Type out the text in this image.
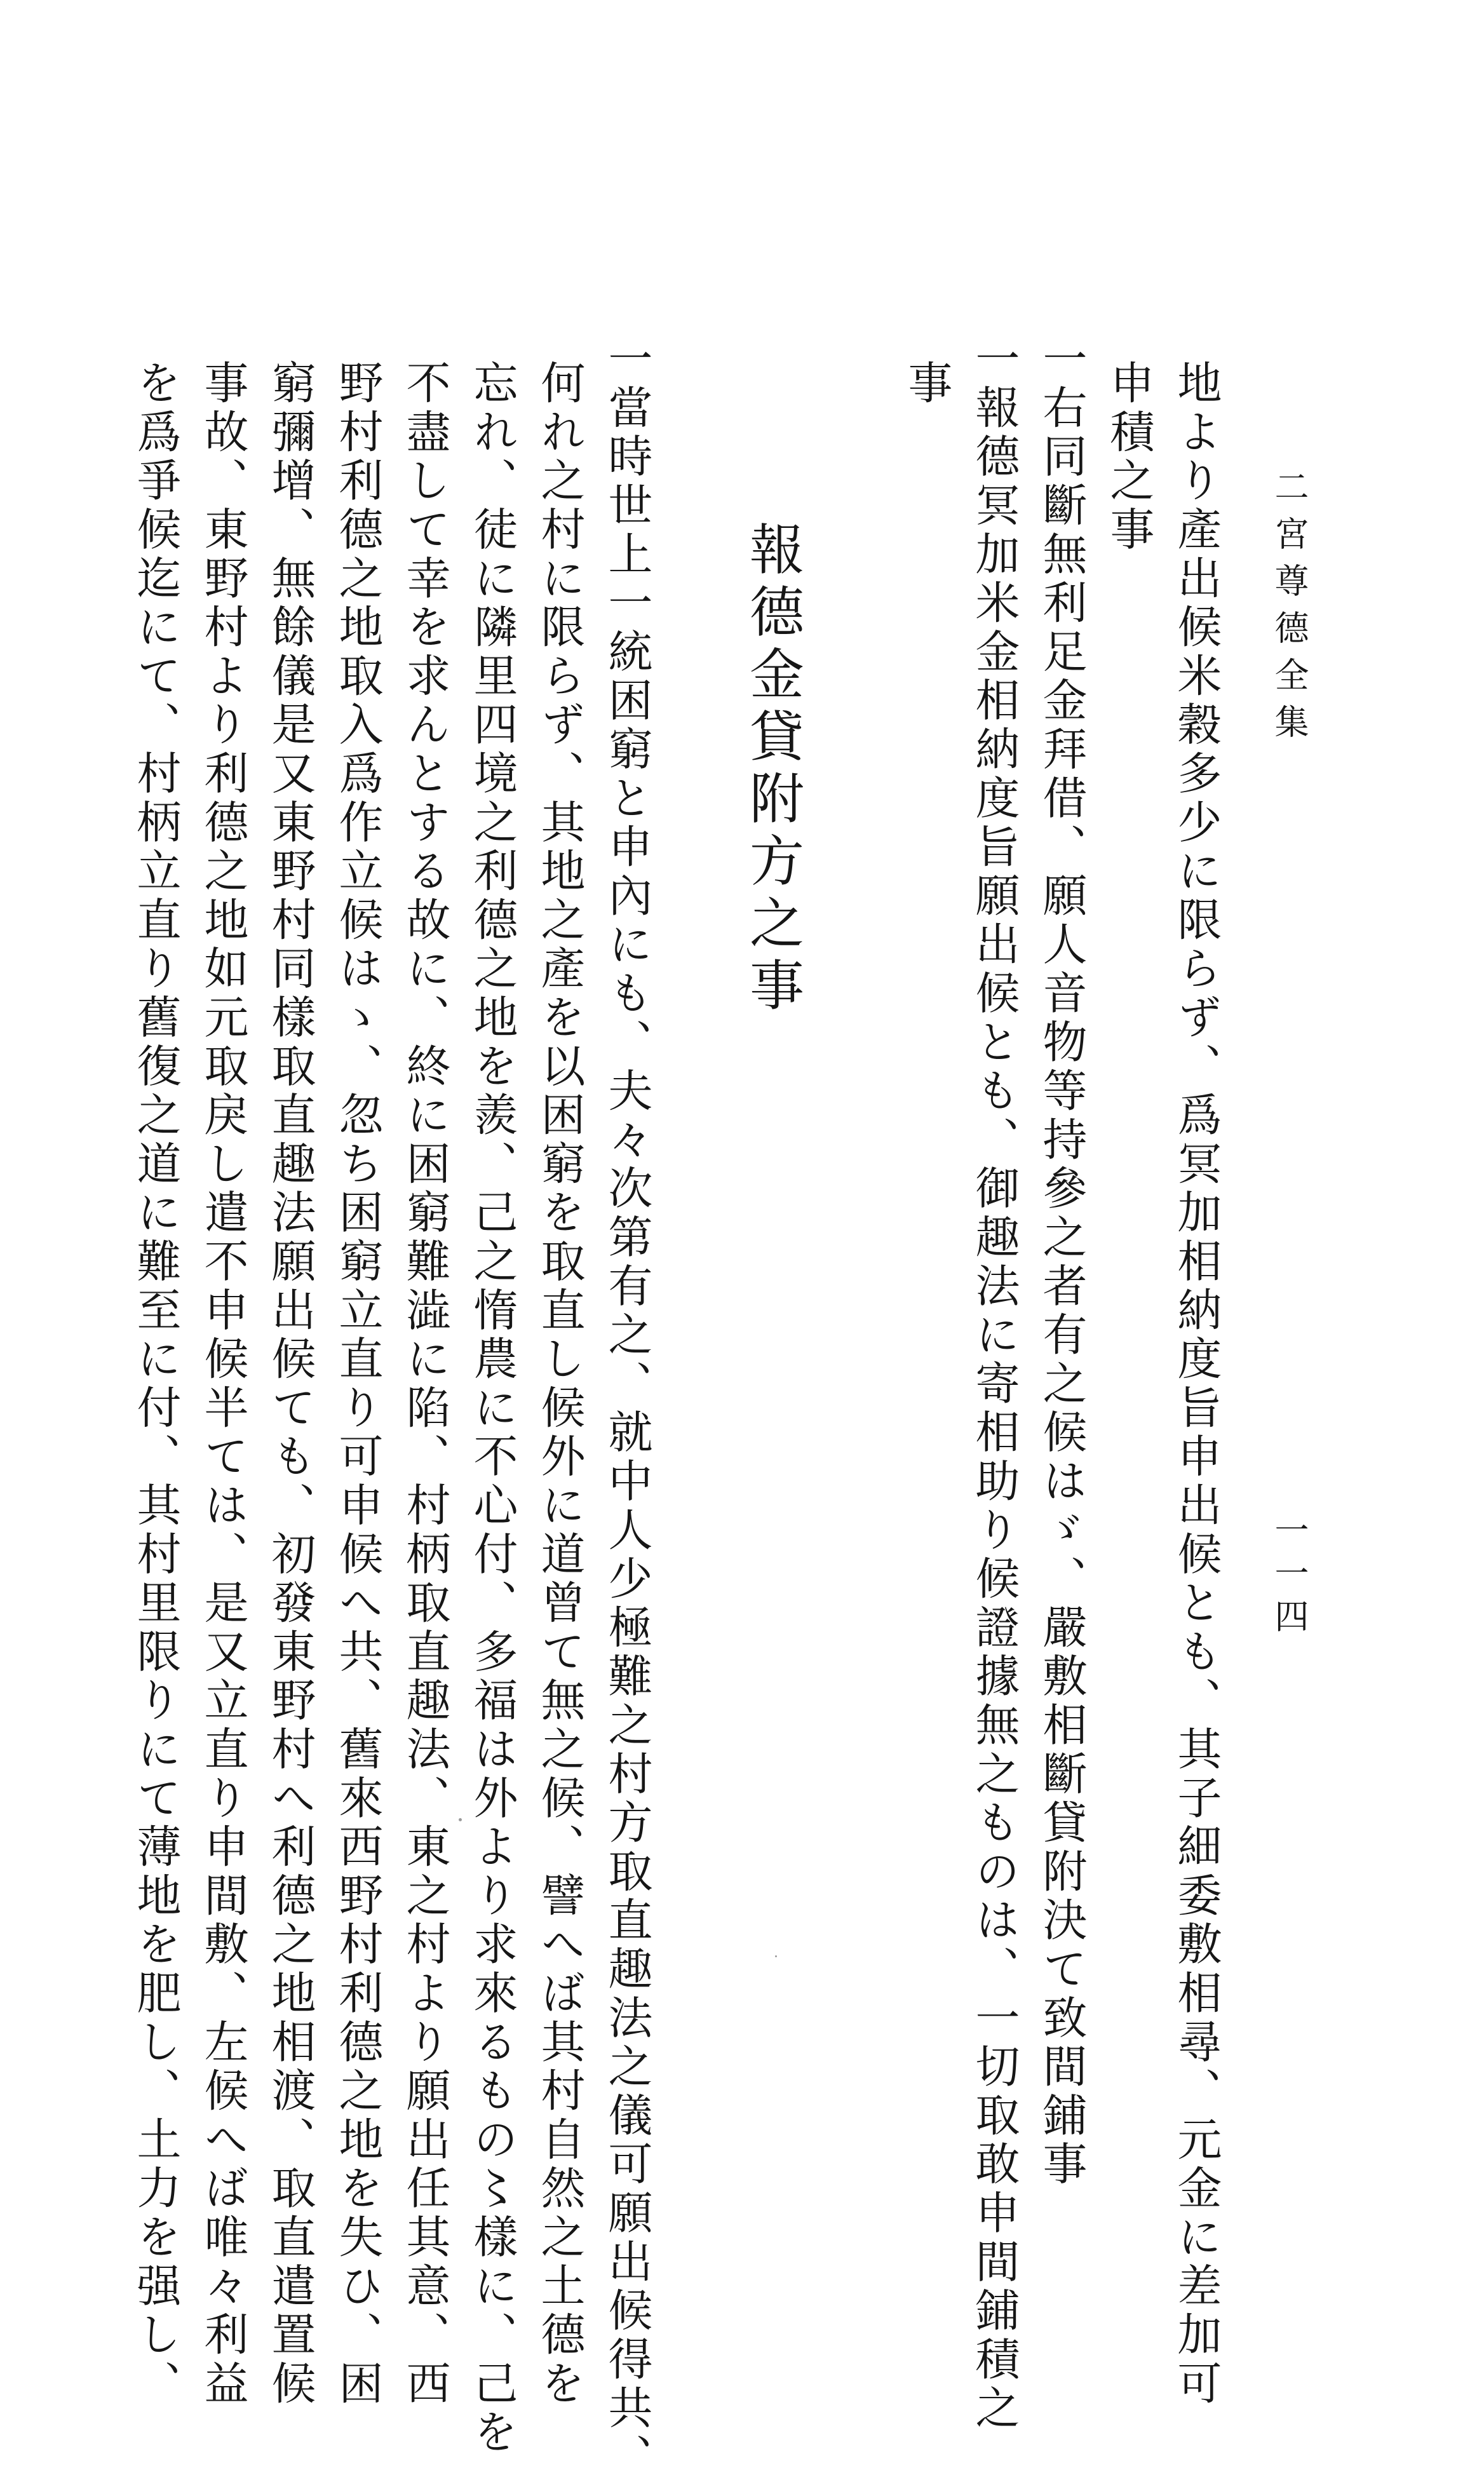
二宮尊德全集
一一四
地より產出候米穀多少に限らず、爲冥加相納度旨申出候とも、其子細委敷相尋、元金に差加可
申積之事
一右同斷無利足金拜借、願人音物等持參之者有之候はゞ、嚴敷相斷貸附決て致間鋪事
一報德冥加米金相納度旨願出候とも、御趣法に寄相助り候證據無之ものは、一切取敢申間鋪積之
事
報德金貸附方之事
一當時世上一統困窮と申內にも、夫々次第有之、就中人少極難之村方取直趣法之儀可願出候得共、
何れ之村に限らず、其地之產を以困窮を取直し候外に道曾て無之候、譬へば其村自然之土德を
忘れ、徒に隣里四境之利德之地を羨、己之惰農に不心付、多福は外より求來るもの〻樣に、己を
不盡して幸を求んとする故に、終に困窮難澁に陷、村柄取直趣法、東之村より願出任其意、西
野村利德之地取入爲作立候はゝ、忽ち困窮立直り可申候へ共、舊來西野村利德之地を失ひ、困
窮彌增、無餘儀是又東野村同樣取直趣法願出候ても、初發東野村へ利德之地相渡、取直遣置候
事故、東野村より利德之地如元取戾し遣不申候半ては、是又立直り申間敷、左候へば唯々利益
を爲爭候迄にて、村柄立直り舊復之道に難至に付、其村里限りにて薄地を肥し、土力を强し、
